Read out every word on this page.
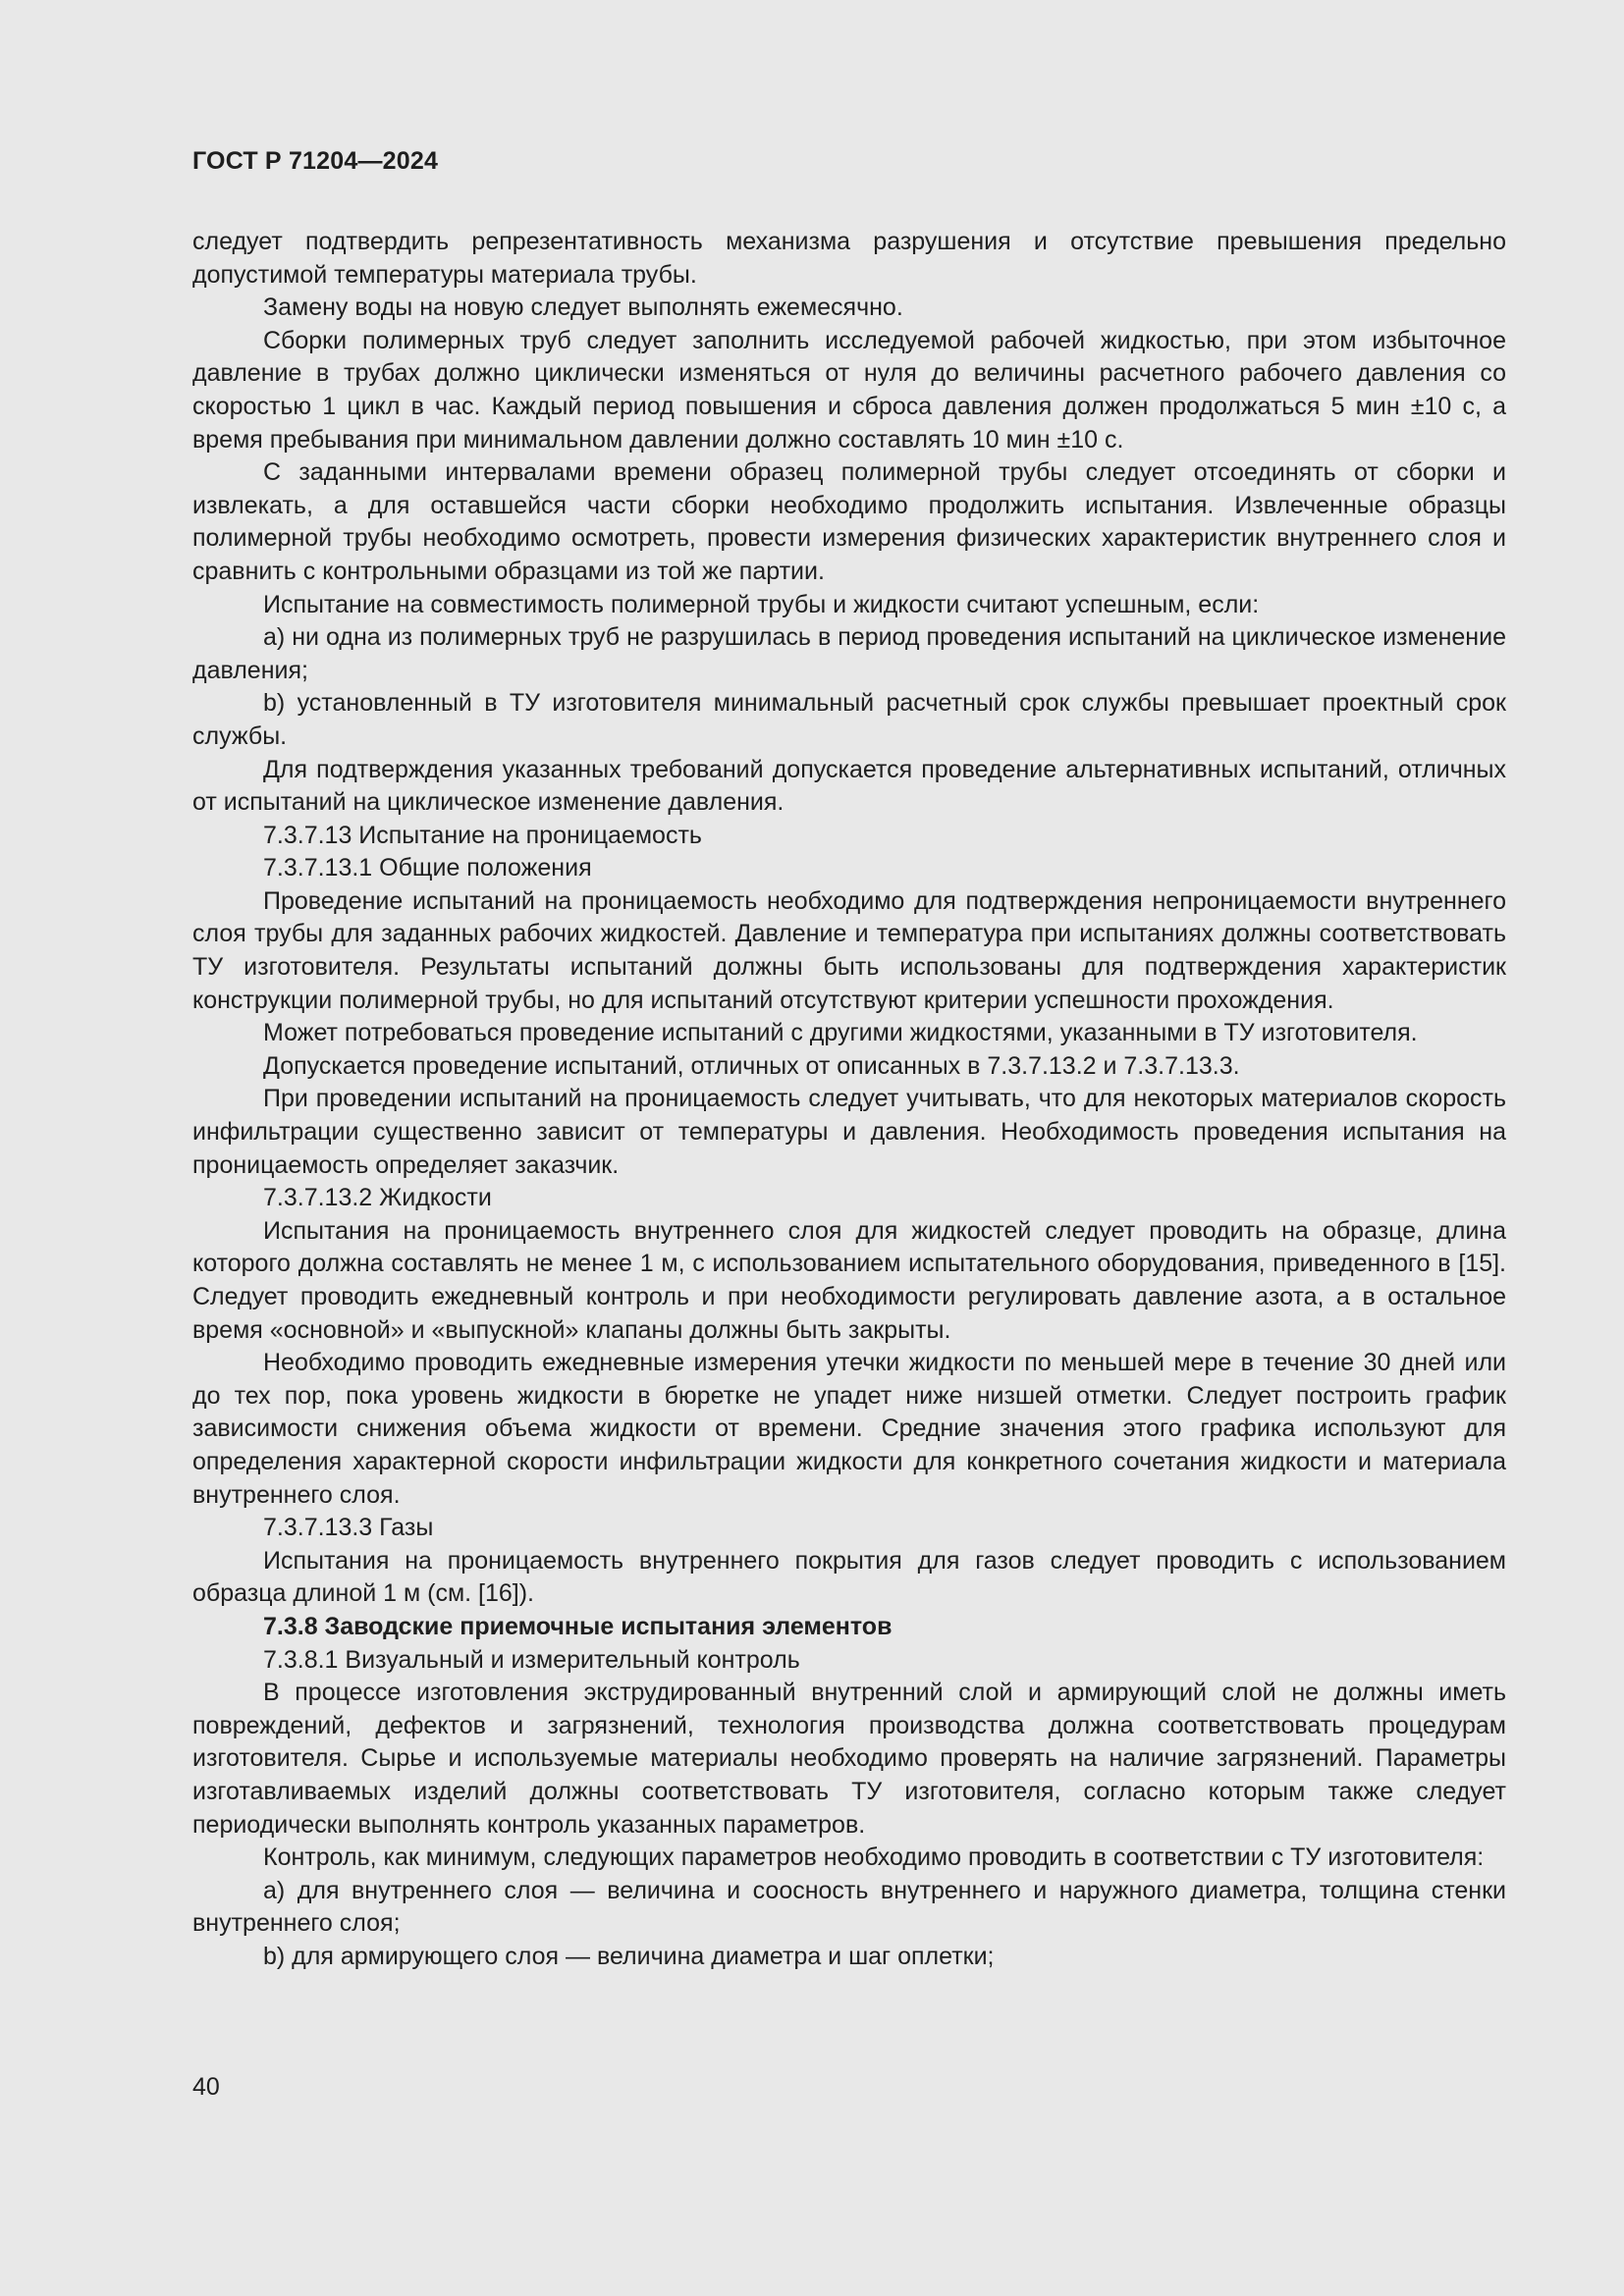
ГОСТ Р 71204—2024

следует подтвердить репрезентативность механизма разрушения и отсутствие превышения предельно допустимой температуры материала трубы.

Замену воды на новую следует выполнять ежемесячно.

Сборки полимерных труб следует заполнить исследуемой рабочей жидкостью, при этом избыточное давление в трубах должно циклически изменяться от нуля до величины расчетного рабочего давления со скоростью 1 цикл в час. Каждый период повышения и сброса давления должен продолжаться 5 мин ±10 с, а время пребывания при минимальном давлении должно составлять 10 мин ±10 с.

С заданными интервалами времени образец полимерной трубы следует отсоединять от сборки и извлекать, а для оставшейся части сборки необходимо продолжить испытания. Извлеченные образцы полимерной трубы необходимо осмотреть, провести измерения физических характеристик внутреннего слоя и сравнить с контрольными образцами из той же партии.

Испытание на совместимость полимерной трубы и жидкости считают успешным, если:

a) ни одна из полимерных труб не разрушилась в период проведения испытаний на циклическое изменение давления;

b) установленный в ТУ изготовителя минимальный расчетный срок службы превышает проектный срок службы.

Для подтверждения указанных требований допускается проведение альтернативных испытаний, отличных от испытаний на циклическое изменение давления.

7.3.7.13 Испытание на проницаемость

7.3.7.13.1 Общие положения

Проведение испытаний на проницаемость необходимо для подтверждения непроницаемости внутреннего слоя трубы для заданных рабочих жидкостей. Давление и температура при испытаниях должны соответствовать ТУ изготовителя. Результаты испытаний должны быть использованы для подтверждения характеристик конструкции полимерной трубы, но для испытаний отсутствуют критерии успешности прохождения.

Может потребоваться проведение испытаний с другими жидкостями, указанными в ТУ изготовителя.

Допускается проведение испытаний, отличных от описанных в 7.3.7.13.2 и 7.3.7.13.3.

При проведении испытаний на проницаемость следует учитывать, что для некоторых материалов скорость инфильтрации существенно зависит от температуры и давления. Необходимость проведения испытания на проницаемость определяет заказчик.

7.3.7.13.2 Жидкости

Испытания на проницаемость внутреннего слоя для жидкостей следует проводить на образце, длина которого должна составлять не менее 1 м, с использованием испытательного оборудования, приведенного в [15]. Следует проводить ежедневный контроль и при необходимости регулировать давление азота, а в остальное время «основной» и «выпускной» клапаны должны быть закрыты.

Необходимо проводить ежедневные измерения утечки жидкости по меньшей мере в течение 30 дней или до тех пор, пока уровень жидкости в бюретке не упадет ниже низшей отметки. Следует построить график зависимости снижения объема жидкости от времени. Средние значения этого графика используют для определения характерной скорости инфильтрации жидкости для конкретного сочетания жидкости и материала внутреннего слоя.

7.3.7.13.3 Газы

Испытания на проницаемость внутреннего покрытия для газов следует проводить с использованием образца длиной 1 м (см. [16]).

7.3.8 Заводские приемочные испытания элементов

7.3.8.1 Визуальный и измерительный контроль

В процессе изготовления экструдированный внутренний слой и армирующий слой не должны иметь повреждений, дефектов и загрязнений, технология производства должна соответствовать процедурам изготовителя. Сырье и используемые материалы необходимо проверять на наличие загрязнений. Параметры изготавливаемых изделий должны соответствовать ТУ изготовителя, согласно которым также следует периодически выполнять контроль указанных параметров.

Контроль, как минимум, следующих параметров необходимо проводить в соответствии с ТУ изготовителя:

a) для внутреннего слоя — величина и соосность внутреннего и наружного диаметра, толщина стенки внутреннего слоя;

b) для армирующего слоя — величина диаметра и шаг оплетки;

40
